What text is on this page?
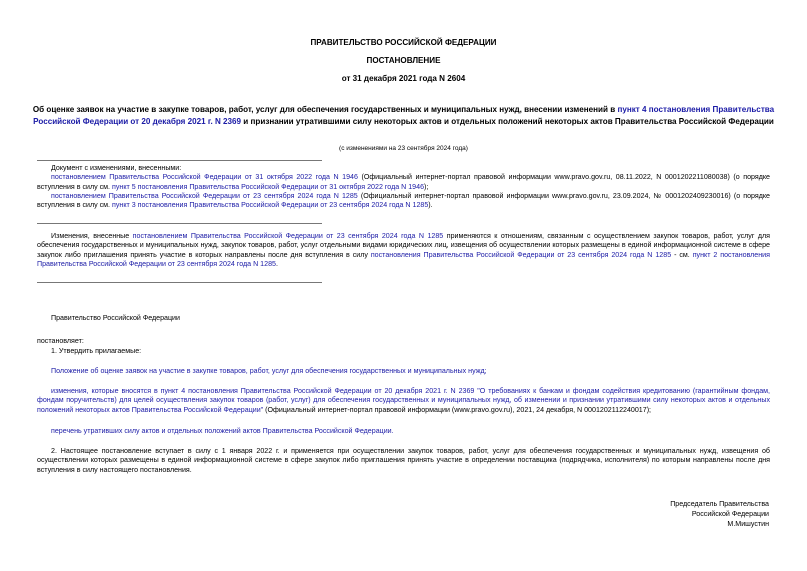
ПРАВИТЕЛЬСТВО РОССИЙСКОЙ ФЕДЕРАЦИИ
ПОСТАНОВЛЕНИЕ
от 31 декабря 2021 года N 2604
Об оценке заявок на участие в закупке товаров, работ, услуг для обеспечения государственных и муниципальных нужд, внесении изменений в пункт 4 постановления Правительства Российской Федерации от 20 декабря 2021 г. N 2369 и признании утратившими силу некоторых актов и отдельных положений некоторых актов Правительства Российской Федерации
(с изменениями на 23 сентября 2024 года)
Документ с изменениями, внесенными:
постановлением Правительства Российской Федерации от 31 октября 2022 года N 1946 (Официальный интернет-портал правовой информации www.pravo.gov.ru, 08.11.2022, N 0001202211080038) (о порядке вступления в силу см. пункт 5 постановления Правительства Российской Федерации от 31 октября 2022 года N 1946);
постановлением Правительства Российской Федерации от 23 сентября 2024 года N 1285 (Официальный интернет-портал правовой информации www.pravo.gov.ru, 23.09.2024, № 0001202409230016) (о порядке вступления в силу см. пункт 3 постановления Правительства Российской Федерации от 23 сентября 2024 года N 1285).
Изменения, внесенные постановлением Правительства Российской Федерации от 23 сентября 2024 года N 1285 применяются к отношениям, связанным с осуществлением закупок товаров, работ, услуг для обеспечения государственных и муниципальных нужд, закупок товаров, работ, услуг отдельными видами юридических лиц, извещения об осуществлении которых размещены в единой информационной системе в сфере закупок либо приглашения принять участие в которых направлены после дня вступления в силу постановления Правительства Российской Федерации от 23 сентября 2024 года N 1285 - см. пункт 2 постановления Правительства Российской Федерации от 23 сентября 2024 года N 1285.
Правительство Российской Федерации
постановляет:
1. Утвердить прилагаемые:
Положение об оценке заявок на участие в закупке товаров, работ, услуг для обеспечения государственных и муниципальных нужд;
изменения, которые вносятся в пункт 4 постановления Правительства Российской Федерации от 20 декабря 2021 г. N 2369 "О требованиях к банкам и фондам содействия кредитованию (гарантийным фондам, фондам поручительств) для целей осуществления закупок товаров (работ, услуг) для обеспечения государственных и муниципальных нужд, об изменении и признании утратившими силу некоторых актов и отдельных положений некоторых актов Правительства Российской Федерации" (Официальный интернет-портал правовой информации (www.pravo.gov.ru), 2021, 24 декабря, N 0001202112240017);
перечень утративших силу актов и отдельных положений актов Правительства Российской Федерации.
2. Настоящее постановление вступает в силу с 1 января 2022 г. и применяется при осуществлении закупок товаров, работ, услуг для обеспечения государственных и муниципальных нужд, извещения об осуществлении которых размещены в единой информационной системе в сфере закупок либо приглашения принять участие в определении поставщика (подрядчика, исполнителя) по которым направлены после дня вступления в силу настоящего постановления.
Председатель Правительства
Российской Федерации
М.Мишустин
